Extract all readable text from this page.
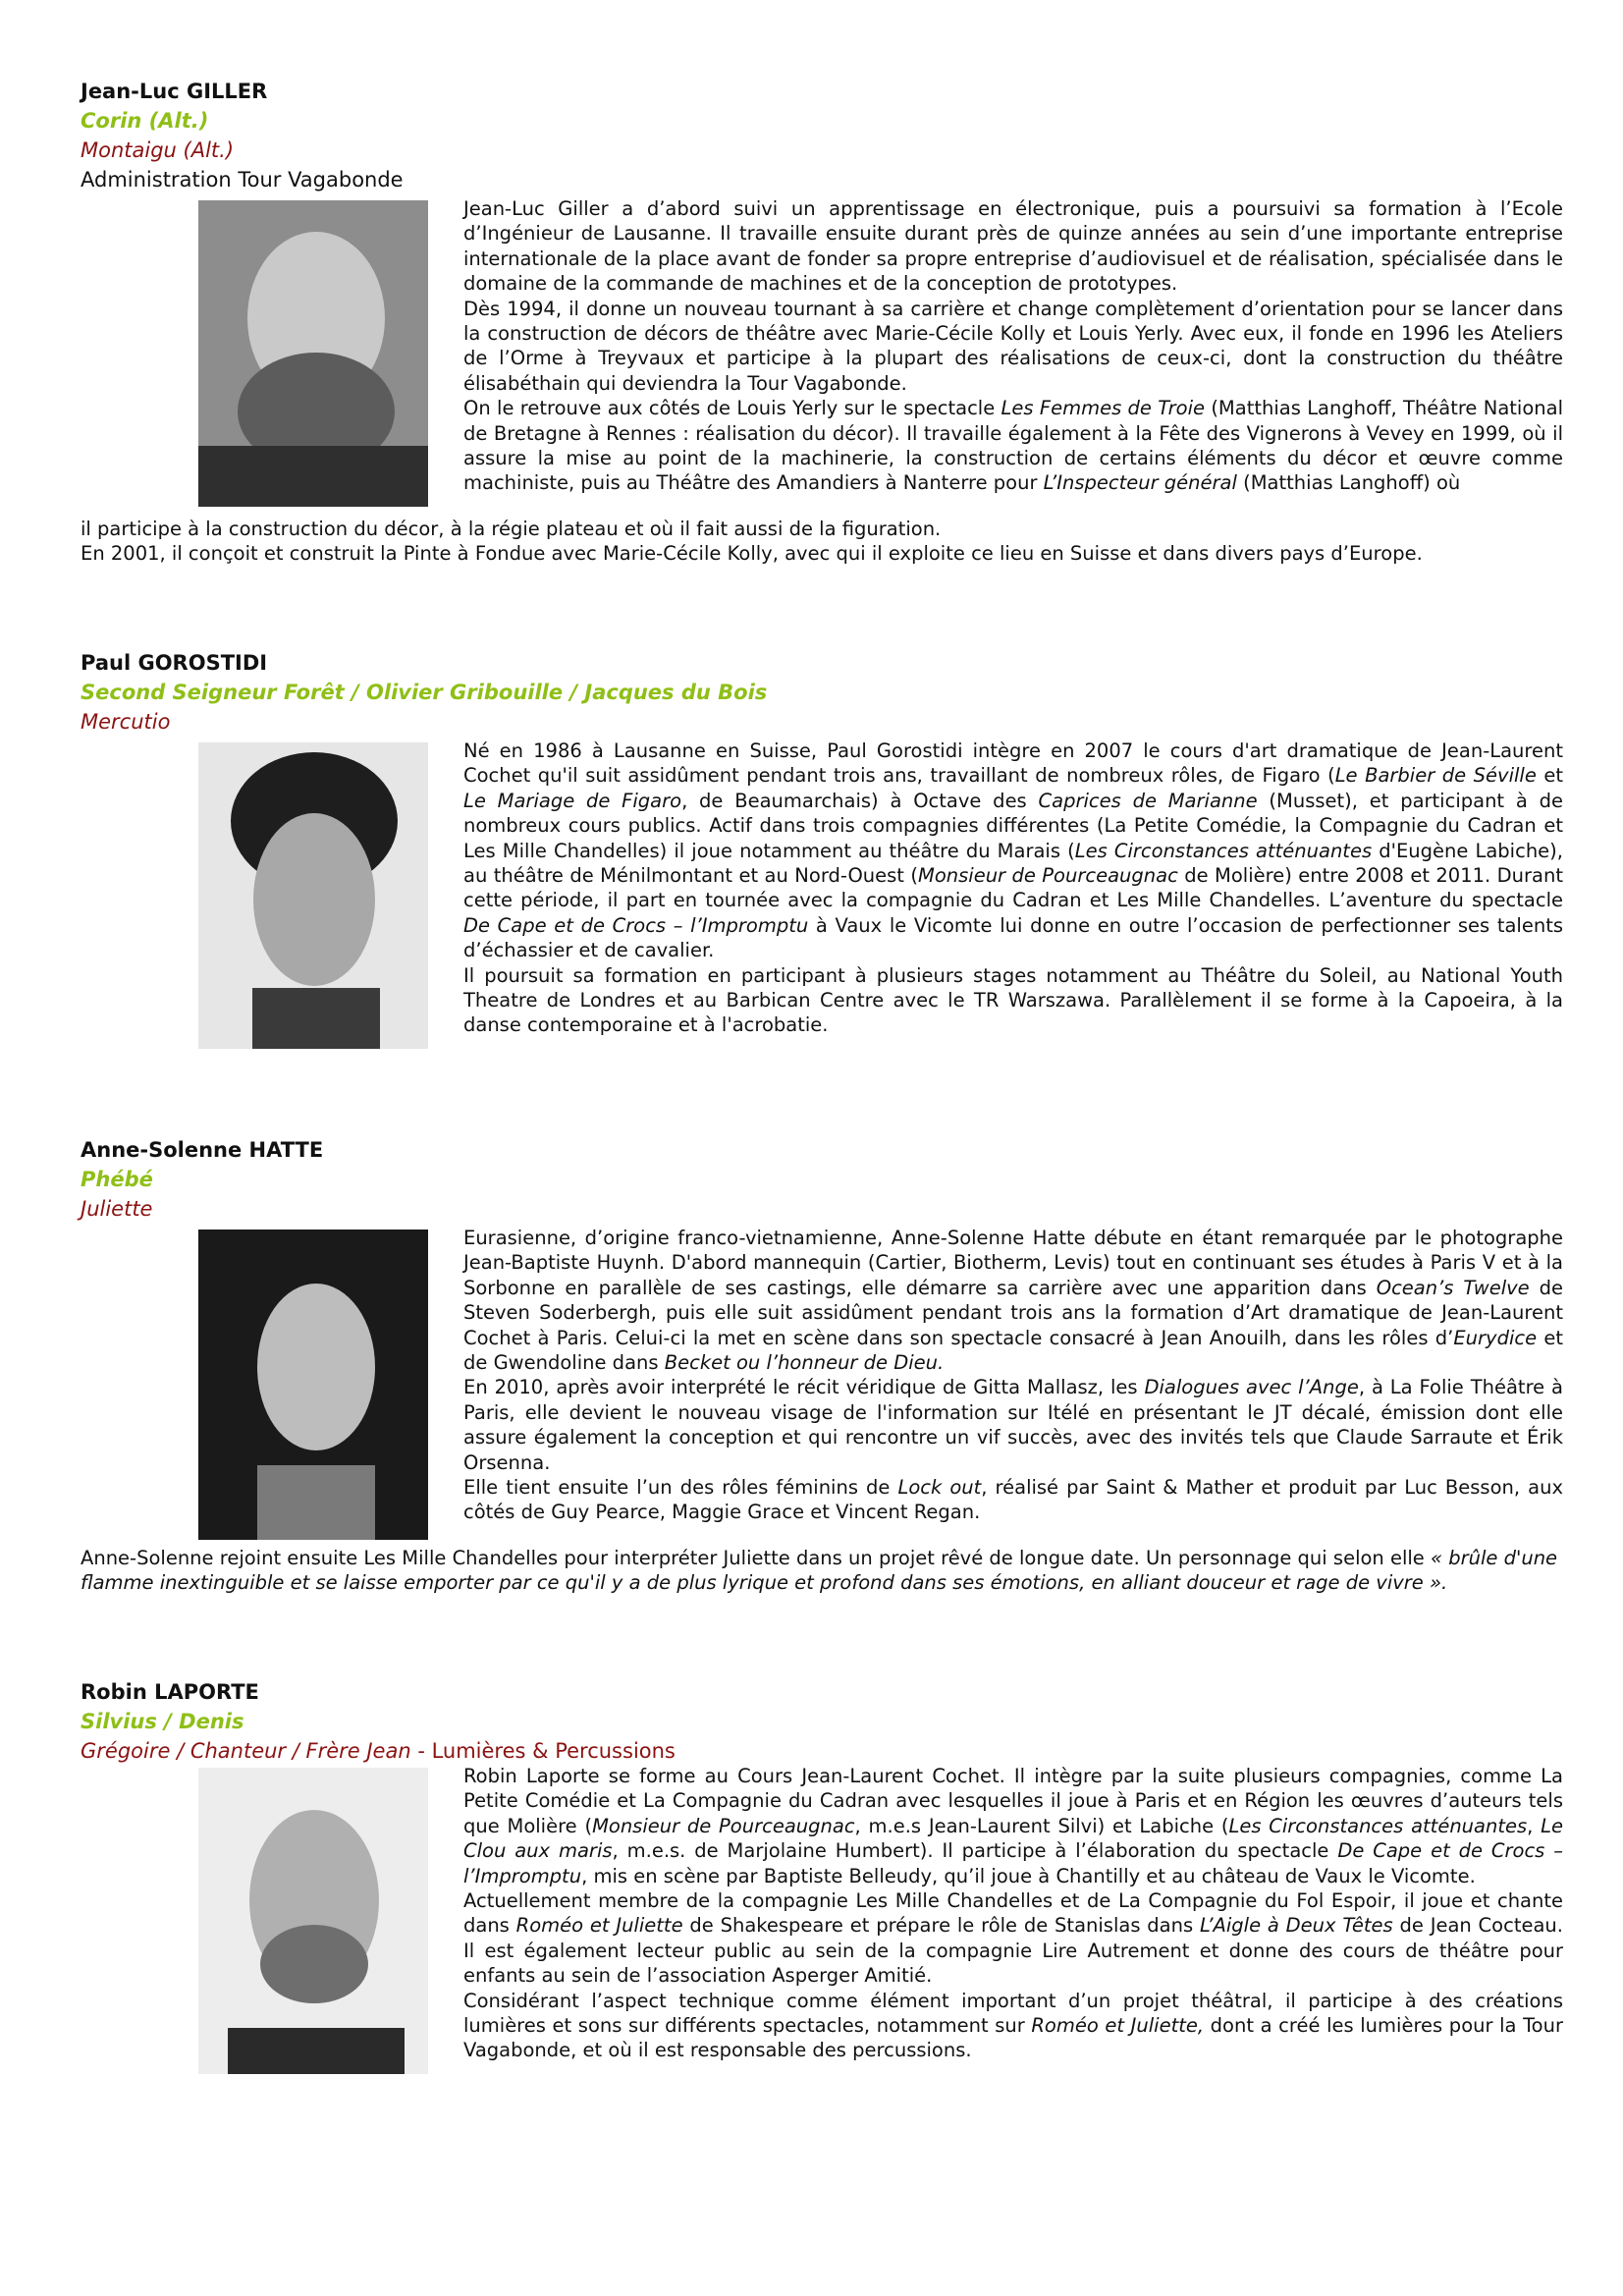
Jean-Luc GILLER
Corin (Alt.)
Montaigu (Alt.)
Administration Tour Vagabonde

Jean-Luc Giller a d’abord suivi un apprentissage en électronique, puis a poursuivi sa formation à l’Ecole d’Ingénieur de Lausanne. Il travaille ensuite durant près de quinze années au sein d’une importante entreprise internationale de la place avant de fonder sa propre entreprise d’audiovisuel et de réalisation, spécialisée dans le domaine de la commande de machines et de la conception de prototypes.

Dès 1994, il donne un nouveau tournant à sa carrière et change complètement d’orientation pour se lancer dans la construction de décors de théâtre avec Marie-Cécile Kolly et Louis Yerly. Avec eux, il fonde en 1996 les Ateliers de l’Orme à Treyvaux et participe à la plupart des réalisations de ceux-ci, dont la construction du théâtre élisabéthain qui deviendra la Tour Vagabonde.

On le retrouve aux côtés de Louis Yerly sur le spectacle Les Femmes de Troie (Matthias Langhoff, Théâtre National de Bretagne à Rennes : réalisation du décor). Il travaille également à la Fête des Vignerons à Vevey en 1999, où il assure la mise au point de la machinerie, la construction de certains éléments du décor et œuvre comme machiniste, puis au Théâtre des Amandiers à Nanterre pour L’Inspecteur général (Matthias Langhoff) où

il participe à la construction du décor, à la régie plateau et où il fait aussi de la figuration.

En 2001, il conçoit et construit la Pinte à Fondue avec Marie-Cécile Kolly, avec qui il exploite ce lieu en Suisse et dans divers pays d’Europe.

Paul GOROSTIDI
Second Seigneur Forêt / Olivier Gribouille / Jacques du Bois
Mercutio

Né en 1986 à Lausanne en Suisse, Paul Gorostidi intègre en 2007 le cours d'art dramatique de Jean-Laurent Cochet qu'il suit assidûment pendant trois ans, travaillant de nombreux rôles, de Figaro (Le Barbier de Séville et Le Mariage de Figaro, de Beaumarchais) à Octave des Caprices de Marianne (Musset), et participant à de nombreux cours publics. Actif dans trois compagnies différentes (La Petite Comédie, la Compagnie du Cadran et Les Mille Chandelles) il joue notamment au théâtre du Marais (Les Circonstances atténuantes d'Eugène Labiche), au théâtre de Ménilmontant et au Nord-Ouest (Monsieur de Pourceaugnac de Molière) entre 2008 et 2011. Durant cette période, il part en tournée avec la compagnie du Cadran et Les Mille Chandelles. L’aventure du spectacle De Cape et de Crocs – l’Impromptu à Vaux le Vicomte lui donne en outre l’occasion de perfectionner ses talents d’échassier et de cavalier.

Il poursuit sa formation en participant à plusieurs stages notamment au Théâtre du Soleil, au National Youth Theatre de Londres et au Barbican Centre avec le TR Warszawa. Parallèlement il se forme à la Capoeira, à la danse contemporaine et à l'acrobatie.

Anne-Solenne HATTE
Phébé
Juliette

Eurasienne, d’origine franco-vietnamienne, Anne-Solenne Hatte débute en étant remarquée par le photographe Jean-Baptiste Huynh. D'abord mannequin (Cartier, Biotherm, Levis) tout en continuant ses études à Paris V et à la Sorbonne en parallèle de ses castings, elle démarre sa carrière avec une apparition dans Ocean’s Twelve de Steven Soderbergh, puis elle suit assidûment pendant trois ans la formation d’Art dramatique de Jean-Laurent Cochet à Paris. Celui-ci la met en scène dans son spectacle consacré à Jean Anouilh, dans les rôles d’Eurydice et de Gwendoline dans Becket ou l’honneur de Dieu.

En 2010, après avoir interprété le récit véridique de Gitta Mallasz, les Dialogues avec l’Ange, à La Folie Théâtre à Paris, elle devient le nouveau visage de l'information sur Itélé en présentant le JT décalé, émission dont elle assure également la conception et qui rencontre un vif succès, avec des invités tels que Claude Sarraute et Érik Orsenna.

Elle tient ensuite l’un des rôles féminins de Lock out, réalisé par Saint & Mather et produit par Luc Besson, aux côtés de Guy Pearce, Maggie Grace et Vincent Regan.

Anne-Solenne rejoint ensuite Les Mille Chandelles pour interpréter Juliette dans un projet rêvé de longue date. Un personnage qui selon elle « brûle d'une flamme inextinguible et se laisse emporter par ce qu'il y a de plus lyrique et profond dans ses émotions, en alliant douceur et rage de vivre ».

Robin LAPORTE
Silvius / Denis
Grégoire / Chanteur / Frère Jean - Lumières & Percussions

Robin Laporte se forme au Cours Jean-Laurent Cochet. Il intègre par la suite plusieurs compagnies, comme La Petite Comédie et La Compagnie du Cadran avec lesquelles il joue à Paris et en Région les œuvres d’auteurs tels que Molière (Monsieur de Pourceaugnac, m.e.s Jean-Laurent Silvi) et Labiche (Les Circonstances atténuantes, Le Clou aux maris, m.e.s. de Marjolaine Humbert). Il participe à l’élaboration du spectacle De Cape et de Crocs – l’Impromptu, mis en scène par Baptiste Belleudy, qu’il joue à Chantilly et au château de Vaux le Vicomte.

Actuellement membre de la compagnie Les Mille Chandelles et de La Compagnie du Fol Espoir, il joue et chante dans Roméo et Juliette de Shakespeare et prépare le rôle de Stanislas dans L’Aigle à Deux Têtes de Jean Cocteau. Il est également lecteur public au sein de la compagnie Lire Autrement et donne des cours de théâtre pour enfants au sein de l’association Asperger Amitié.

Considérant l’aspect technique comme élément important d’un projet théâtral, il participe à des créations lumières et sons sur différents spectacles, notamment sur Roméo et Juliette, dont a créé les lumières pour la Tour Vagabonde, et où il est responsable des percussions.
